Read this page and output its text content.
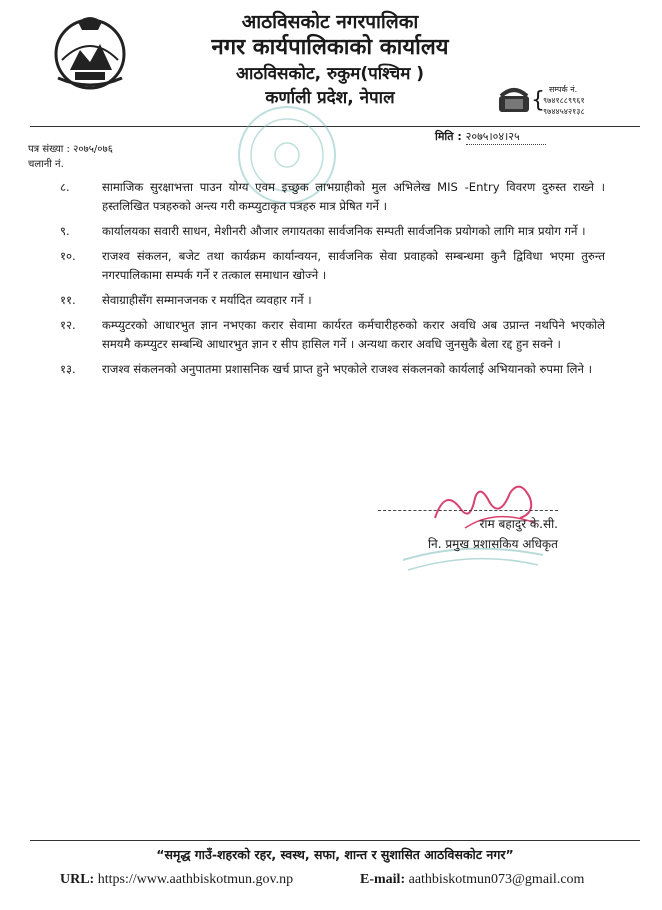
आठविसकोट नगरपालिका
नगर कार्यपालिकाको कार्यालय
आठविसकोट, रुकुम(पश्चिम )
कर्णाली प्रदेश, नेपाल	{ सम्पर्क नं.
९७४१८८९९६१
९७४४५४२१३८
मिति : २०७५।०४।२५
पत्र संख्या : २०७५/०७६
चलानी नं.
८.	सामाजिक सुरक्षाभत्ता पाउन योग्य एवम इच्छुक लाभग्राहीको मुल अभिलेख MIS -Entry विवरण दुरुस्त राख्ने । हस्तलिखित पत्रहरुको अन्त्य गरी कम्प्युटाकृत पत्रहरु मात्र प्रेषित गर्ने ।
९.	कार्यालयका सवारी साधन, मेशीनरी औजार लगायतका सार्वजनिक सम्पती सार्वजनिक प्रयोगको लागि मात्र प्रयोग गर्ने ।
१०.	राजश्व संकलन, बजेट तथा कार्यक्रम कार्यान्वयन, सार्वजनिक सेवा प्रवाहको सम्बन्धमा कुनै द्विविधा भएमा तुरुन्त नगरपालिकामा सम्पर्क गर्ने र तत्काल समाधान खोज्ने ।
११.	सेवाग्राहीसँग सम्मानजनक र मर्यादित व्यवहार गर्ने ।
१२.	कम्प्युटरको आधारभुत ज्ञान नभएका करार सेवामा कार्यरत कर्मचारीहरुको करार अवधि अब उप्रान्त नथपिने भएकोले समयमै कम्प्युटर सम्बन्धि आधारभुत ज्ञान र सीप हासिल गर्ने । अन्यथा करार अवधि जुनसुकै बेला रद्द हुन सक्ने ।
१३.	राजश्व संकलनको अनुपातमा प्रशासनिक खर्च प्राप्त हुने भएकोले राजश्व संकलनको कार्यलाई अभियानको रुपमा लिने ।
राम बहादुर के.सी.
नि. प्रमुख प्रशासकिय अधिकृत
“समृद्ध गाउँ-शहरको रहर, स्वस्थ, सफा, शान्त र सुशासित आठविसकोट नगर”
URL: https://www.aathbiskotmun.gov.np	E-mail: aathbiskotmun073@gmail.com
